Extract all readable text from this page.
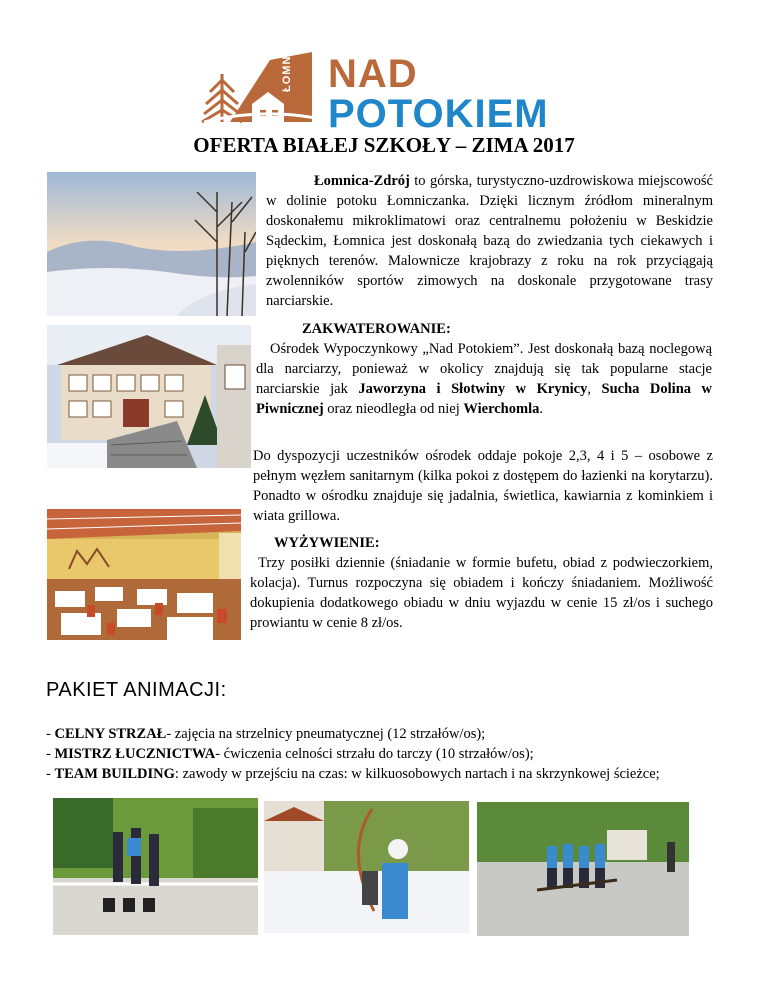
ŁOMNICA NAD
POTOKIEM
OFERTA BIAŁEJ SZKOŁY – ZIMA 2017
Łomnica-Zdrój to górska, turystyczno-uzdrowiskowa miejscowość w dolinie potoku Łomniczanka. Dzięki licznym źródłom mineralnym doskonałemu mikroklimatowi oraz centralnemu położeniu w Beskidzie Sądeckim, Łomnica jest doskonałą bazą do zwiedzania tych ciekawych i pięknych terenów. Malownicze krajobrazy z roku na rok przyciągają zwolenników sportów zimowych na doskonale przygotowane trasy narciarskie.
ZAKWATEROWANIE:
Ośrodek Wypoczynkowy „Nad Potokiem”. Jest doskonałą bazą noclegową dla narciarzy, ponieważ w okolicy znajdują się tak popularne stacje narciarskie jak Jaworzyna i Słotwiny w Krynicy, Sucha Dolina w Piwnicznej oraz nieodległa od niej Wierchomla.
Do dyspozycji uczestników ośrodek oddaje pokoje 2,3, 4 i 5 – osobowe z pełnym węzłem sanitarnym (kilka pokoi z dostępem do łazienki na korytarzu). Ponadto w ośrodku znajduje się jadalnia, świetlica, kawiarnia z kominkiem i wiata grillowa.
WYŻYWIENIE:
Trzy posiłki dziennie (śniadanie w formie bufetu, obiad z podwieczorkiem, kolacja). Turnus rozpoczyna się obiadem i kończy śniadaniem. Możliwość dokupienia dodatkowego obiadu w dniu wyjazdu w cenie 15 zł/os i suchego prowiantu w cenie 8 zł/os.
PAKIET ANIMACJI:
- CELNY STRZAŁ- zajęcia na strzelnicy pneumatycznej (12 strzałów/os);
- MISTRZ ŁUCZNICTWA- ćwiczenia celności strzału do tarczy (10 strzałów/os);
- TEAM BUILDING: zawody w przejściu na czas: w kilkuosobowych nartach i na skrzynkowej ścieżce;
